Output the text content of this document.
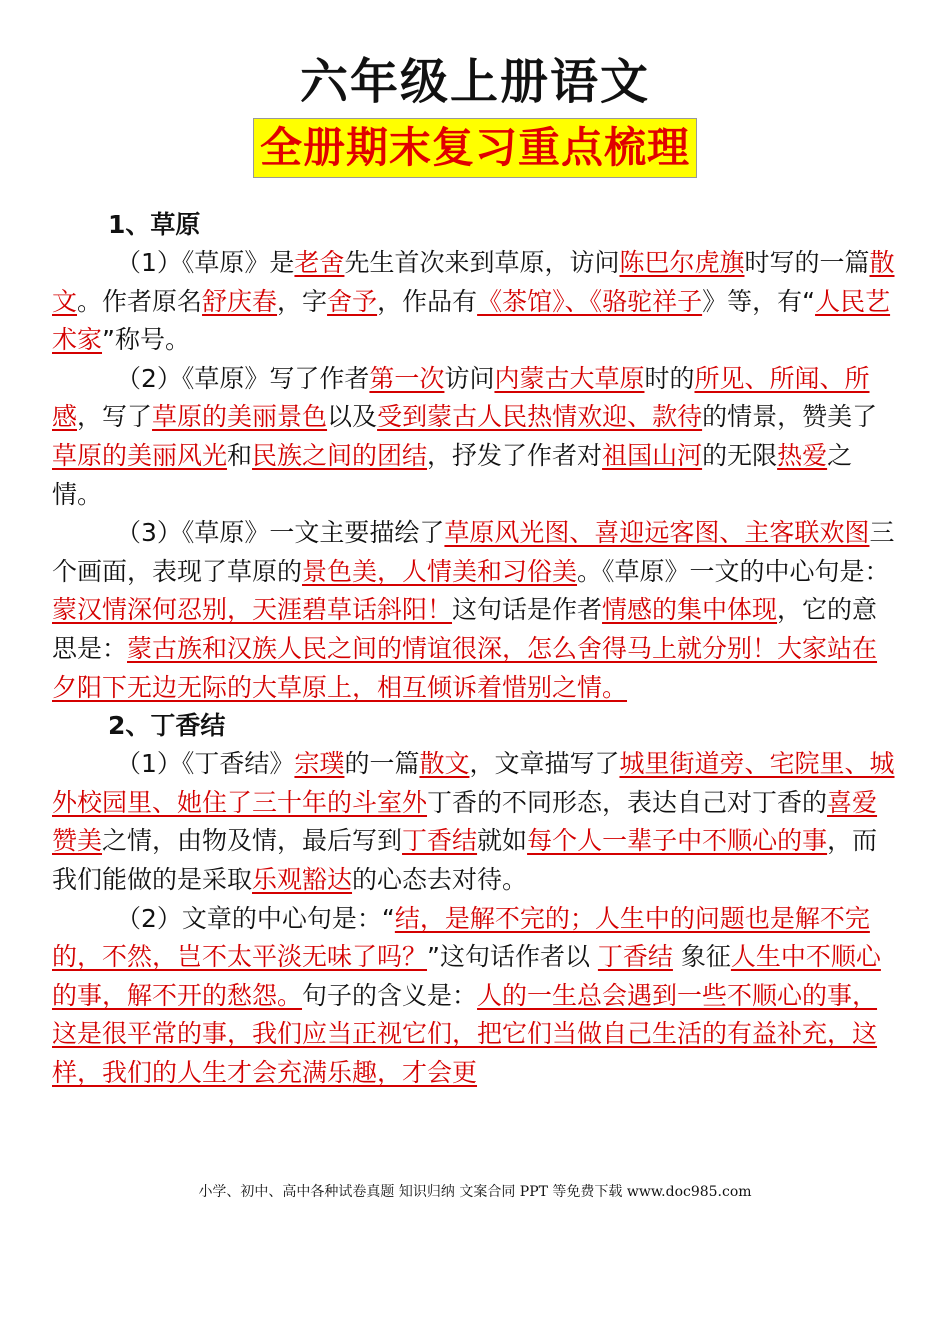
六年级上册语文
全册期末复习重点梳理

1、草原

（1）《草原》是老舍先生首次来到草原，访问陈巴尔虎旗时写的一篇散文。作者原名舒庆春，字舍予，作品有《茶馆》、《骆驼祥子》等，有“人民艺术家”称号。

（2）《草原》写了作者第一次访问内蒙古大草原时的所见、所闻、所感，写了草原的美丽景色以及受到蒙古人民热情欢迎、款待的情景，赞美了草原的美丽风光和民族之间的团结，抒发了作者对祖国山河的无限热爱之情。

（3）《草原》一文主要描绘了草原风光图、喜迎远客图、主客联欢图三个画面，表现了草原的景色美，人情美和习俗美。《草原》一文的中心句是：蒙汉情深何忍别，天涯碧草话斜阳！这句话是作者情感的集中体现，它的意思是：蒙古族和汉族人民之间的情谊很深，怎么舍得马上就分别！大家站在夕阳下无边无际的大草原上，相互倾诉着惜别之情。

2、丁香结

（1）《丁香结》宗璞的一篇散文，文章描写了城里街道旁、宅院里、城外校园里、她住了三十年的斗室外丁香的不同形态，表达自己对丁香的喜爱赞美之情，由物及情，最后写到丁香结就如每个人一辈子中不顺心的事，而我们能做的是采取乐观豁达的心态去对待。

（2）文章的中心句是：“结，是解不完的；人生中的问题也是解不完的，不然，岂不太平淡无味了吗？”这句话作者以 丁香结 象征人生中不顺心的事，解不开的愁怨。句子的含义是：人的一生总会遇到一些不顺心的事，这是很平常的事，我们应当正视它们，把它们当做自己生活的有益补充，这样，我们的人生才会充满乐趣，才会更

小学、初中、高中各种试卷真题 知识归纳 文案合同 PPT 等免费下载 www.doc985.com
